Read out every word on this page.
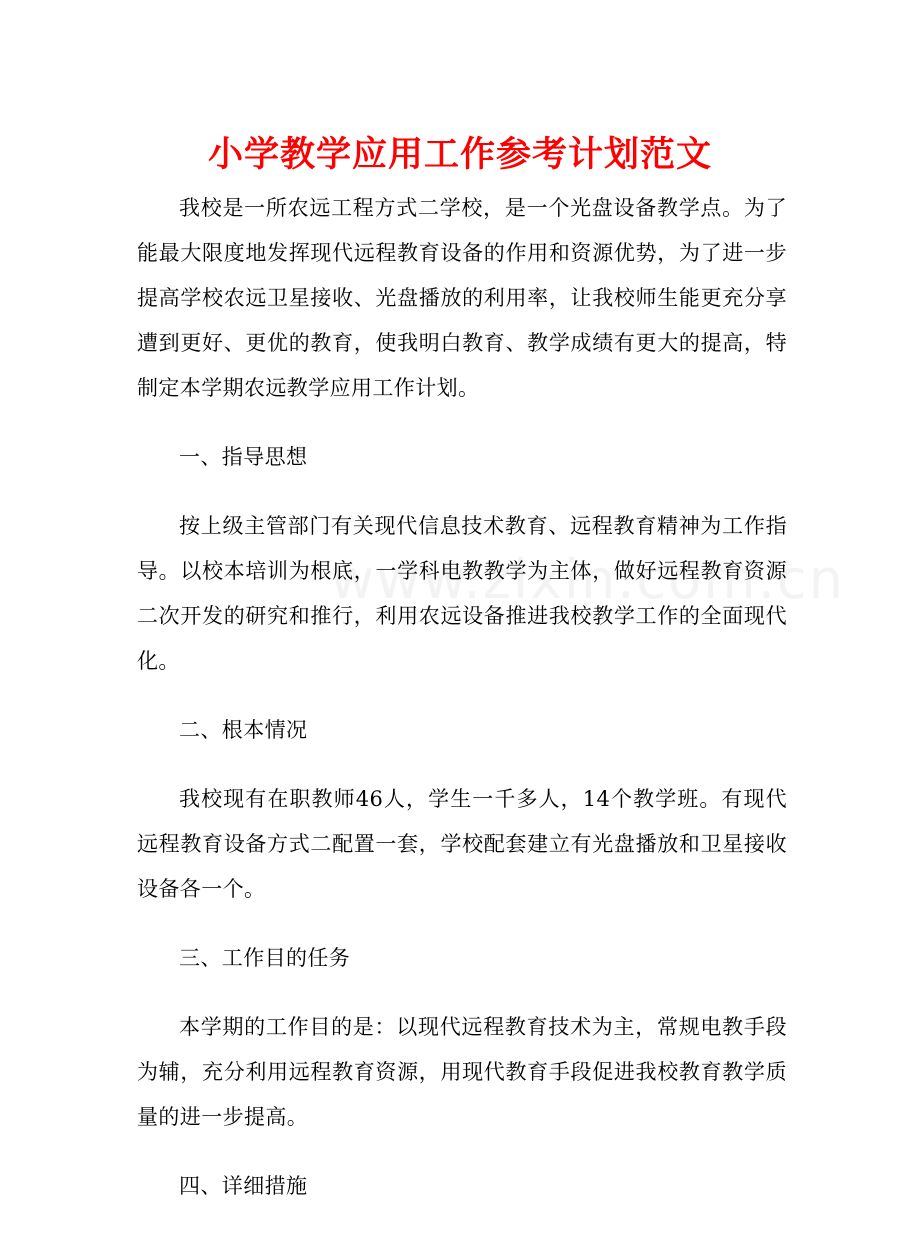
小学教学应用工作参考计划范文

我校是一所农远工程方式二学校，是一个光盘设备教学点。为了能最大限度地发挥现代远程教育设备的作用和资源优势，为了进一步提高学校农远卫星接收、光盘播放的利用率，让我校师生能更充分享遭到更好、更优的教育，使我明白教育、教学成绩有更大的提高，特制定本学期农远教学应用工作计划。

一、指导思想

按上级主管部门有关现代信息技术教育、远程教育精神为工作指导。以校本培训为根底，一学科电教教学为主体，做好远程教育资源二次开发的研究和推行，利用农远设备推进我校教学工作的全面现代化。

二、根本情况

我校现有在职教师46人，学生一千多人，14个教学班。有现代远程教育设备方式二配置一套，学校配套建立有光盘播放和卫星接收设备各一个。

三、工作目的任务

本学期的工作目的是：以现代远程教育技术为主，常规电教手段为辅，充分利用远程教育资源，用现代教育手段促进我校教育教学质量的进一步提高。

四、详细措施
